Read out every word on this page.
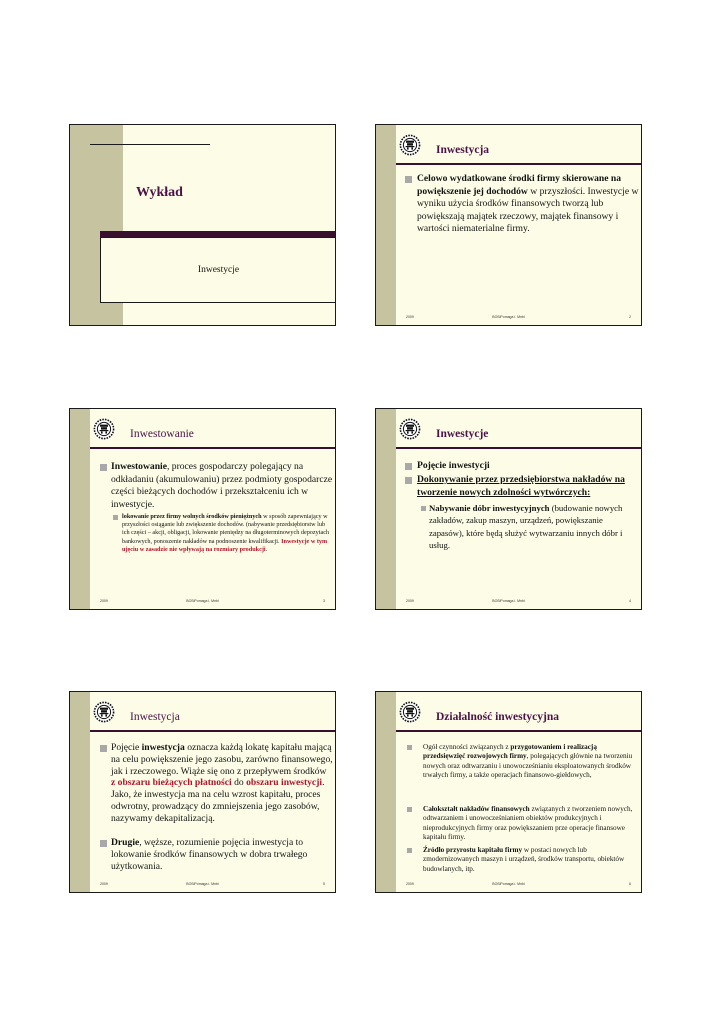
Wykład
Inwestycje
Inwestycja
Celowo wydatkowane środki firmy skierowane na powiększenie jej dochodów w przyszłości. Inwestycje w wyniku użycia środków finansowych tworzą lub powiększają majątek rzeczowy, majątek finansowy i wartości niematerialne firmy.
2009	BOSiPomaga i. Mnbi	2
Inwestowanie
Inwestowanie, proces gospodarczy polegający na odkładaniu (akumulowaniu) przez podmioty gospodarcze części bieżących dochodów i przekształceniu ich w inwestycje.
lokowanie przez firmy wolnych środków pieniężnych w sposób zapewniający w przyszłości osiąganie lub zwiększenie dochodów. (nabywanie przedsiębiorstw lub ich części – akcji, obligacji, lokowanie pieniędzy na długoterminowych depozytach bankowych, ponoszenie nakładów na podnoszenie kwalifikacji. Inwestycje w tym ujęciu w zasadzie nie wpływają na rozmiary produkcji.
2009	BOSiPomaga i. Mnbi	3
Inwestycje
Pojęcie inwestycji
Dokonywanie przez przedsiębiorstwa nakładów na tworzenie nowych zdolności wytwórczych:
Nabywanie dóbr inwestycyjnych (budowanie nowych zakładów, zakup maszyn, urządzeń, powiększanie zapasów), które będą służyć wytwarzaniu innych dóbr i usług.
2009	BOSiPomaga i. Mnbi	4
Inwestycja
Pojęcie inwestycja oznacza każdą lokatę kapitału mającą na celu powiększenie jego zasobu, zarówno finansowego, jak i rzeczowego. Wiąże się ono z przepływem środków z obszaru bieżących płatności do obszaru inwestycji. Jako, że inwestycja ma na celu wzrost kapitału, proces odwrotny, prowadzący do zmniejszenia jego zasobów, nazywamy dekapitalizacją.
Drugie, węższe, rozumienie pojęcia inwestycja to lokowanie środków finansowych w dobra trwałego użytkowania.
2009	BOSiPomaga i. Mnbi	5
Działalność inwestycyjna
Ogół czynności związanych z przygotowaniem i realizacją przedsięwzięć rozwojowych firmy, polegających głównie na tworzeniu nowych oraz odtwarzaniu i unowocześnianiu eksploatowanych środków trwałych firmy, a także operacjach finansowo-giełdowych,
Całokształt nakładów finansowych związanych z tworzeniem nowych, odtwarzaniem i unowocześnianiem obiektów produkcyjnych i nieprodukcyjnych firmy oraz powiększaniem prze operacje finansowe kapitału firmy.
Źródło przyrostu kapitału firmy w postaci nowych lub zmodernizowanych maszyn i urządzeń, środków transportu, obiektów budowlanych, itp.
2009	BOSiPomaga i. Mnbi	6
